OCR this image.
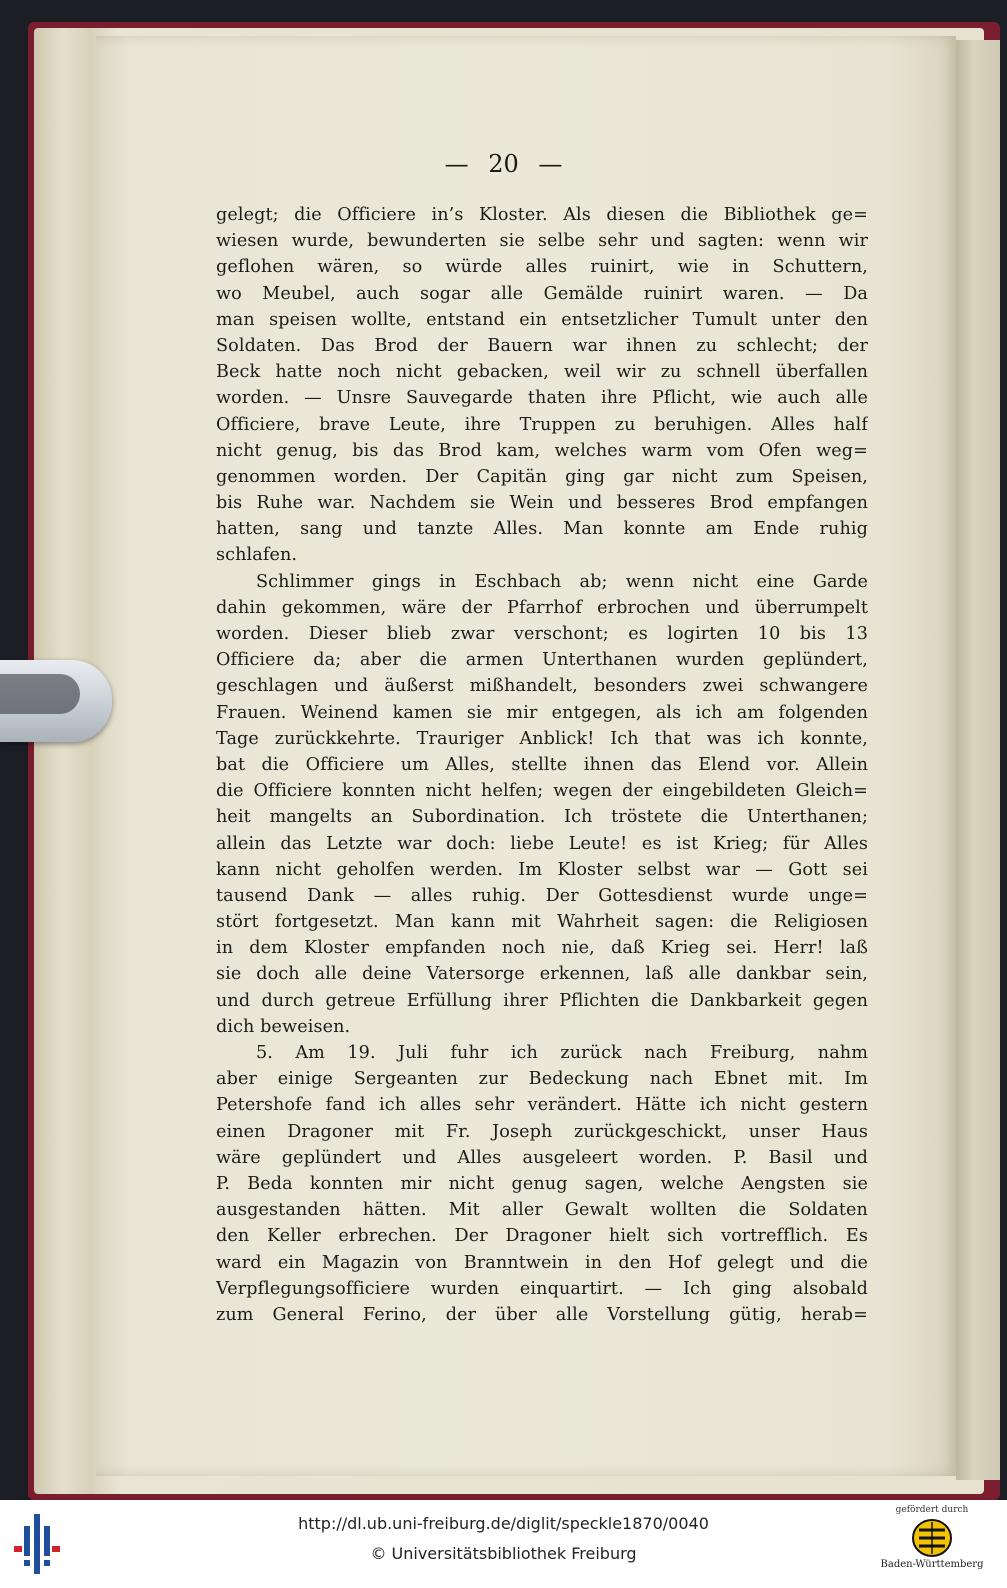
— 20 —
gelegt; die Officiere in’s Kloster. Als diesen die Bibliothek ge=
wiesen wurde, bewunderten sie selbe sehr und sagten: wenn wir
geflohen wären, so würde alles ruinirt, wie in Schuttern,
wo Meubel, auch sogar alle Gemälde ruinirt waren. — Da
man speisen wollte, entstand ein entsetzlicher Tumult unter den
Soldaten. Das Brod der Bauern war ihnen zu schlecht; der
Beck hatte noch nicht gebacken, weil wir zu schnell überfallen
worden. — Unsre Sauvegarde thaten ihre Pflicht, wie auch alle
Officiere, brave Leute, ihre Truppen zu beruhigen. Alles half
nicht genug, bis das Brod kam, welches warm vom Ofen weg=
genommen worden. Der Capitän ging gar nicht zum Speisen,
bis Ruhe war. Nachdem sie Wein und besseres Brod empfangen
hatten, sang und tanzte Alles. Man konnte am Ende ruhig
schlafen.
Schlimmer gings in Eschbach ab; wenn nicht eine Garde
dahin gekommen, wäre der Pfarrhof erbrochen und überrumpelt
worden. Dieser blieb zwar verschont; es logirten 10 bis 13
Officiere da; aber die armen Unterthanen wurden geplündert,
geschlagen und äußerst mißhandelt, besonders zwei schwangere
Frauen. Weinend kamen sie mir entgegen, als ich am folgenden
Tage zurückkehrte. Trauriger Anblick! Ich that was ich konnte,
bat die Officiere um Alles, stellte ihnen das Elend vor. Allein
die Officiere konnten nicht helfen; wegen der eingebildeten Gleich=
heit mangelts an Subordination. Ich tröstete die Unterthanen;
allein das Letzte war doch: liebe Leute! es ist Krieg; für Alles
kann nicht geholfen werden. Im Kloster selbst war — Gott sei
tausend Dank — alles ruhig. Der Gottesdienst wurde unge=
stört fortgesetzt. Man kann mit Wahrheit sagen: die Religiosen
in dem Kloster empfanden noch nie, daß Krieg sei. Herr! laß
sie doch alle deine Vatersorge erkennen, laß alle dankbar sein,
und durch getreue Erfüllung ihrer Pflichten die Dankbarkeit gegen
dich beweisen.
5. Am 19. Juli fuhr ich zurück nach Freiburg, nahm
aber einige Sergeanten zur Bedeckung nach Ebnet mit. Im
Petershofe fand ich alles sehr verändert. Hätte ich nicht gestern
einen Dragoner mit Fr. Joseph zurückgeschickt, unser Haus
wäre geplündert und Alles ausgeleert worden. P. Basil und
P. Beda konnten mir nicht genug sagen, welche Aengsten sie
ausgestanden hätten. Mit aller Gewalt wollten die Soldaten
den Keller erbrechen. Der Dragoner hielt sich vortrefflich. Es
ward ein Magazin von Branntwein in den Hof gelegt und die
Verpflegungsofficiere wurden einquartirt. — Ich ging alsobald
zum General Ferino, der über alle Vorstellung gütig, herab=
http://dl.ub.uni-freiburg.de/diglit/speckle1870/0040
© Universitätsbibliothek Freiburg
gefördert durch
Baden-Württemberg
